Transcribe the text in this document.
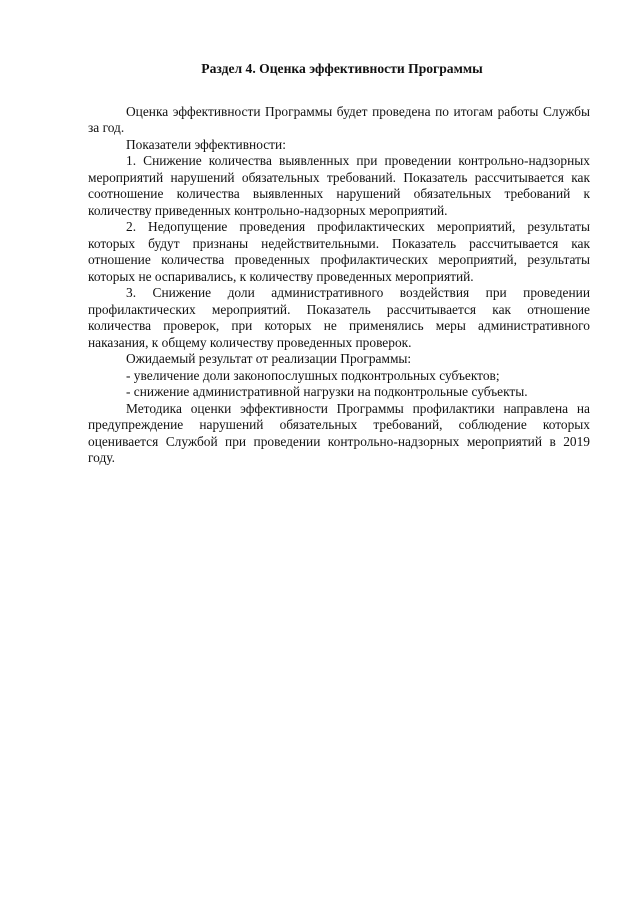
Раздел 4. Оценка эффективности Программы

Оценка эффективности Программы будет проведена по итогам работы Службы за год.

Показатели эффективности:

1. Снижение количества выявленных при проведении контрольно-надзорных мероприятий нарушений обязательных требований. Показатель рассчитывается как соотношение количества выявленных нарушений обязательных требований к количеству приведенных контрольно-надзорных мероприятий.

2. Недопущение проведения профилактических мероприятий, результаты которых будут признаны недействительными. Показатель рассчитывается как отношение количества проведенных профилактических мероприятий, результаты которых не оспаривались, к количеству проведенных мероприятий.

3. Снижение доли административного воздействия при проведении профилактических мероприятий. Показатель рассчитывается как отношение количества проверок, при которых не применялись меры административного наказания, к общему количеству проведенных проверок.

Ожидаемый результат от реализации Программы:

- увеличение доли законопослушных подконтрольных субъектов;

- снижение административной нагрузки на подконтрольные субъекты.

Методика оценки эффективности Программы профилактики направлена на предупреждение нарушений обязательных требований, соблюдение которых оценивается Службой при проведении контрольно-надзорных мероприятий в 2019 году.
